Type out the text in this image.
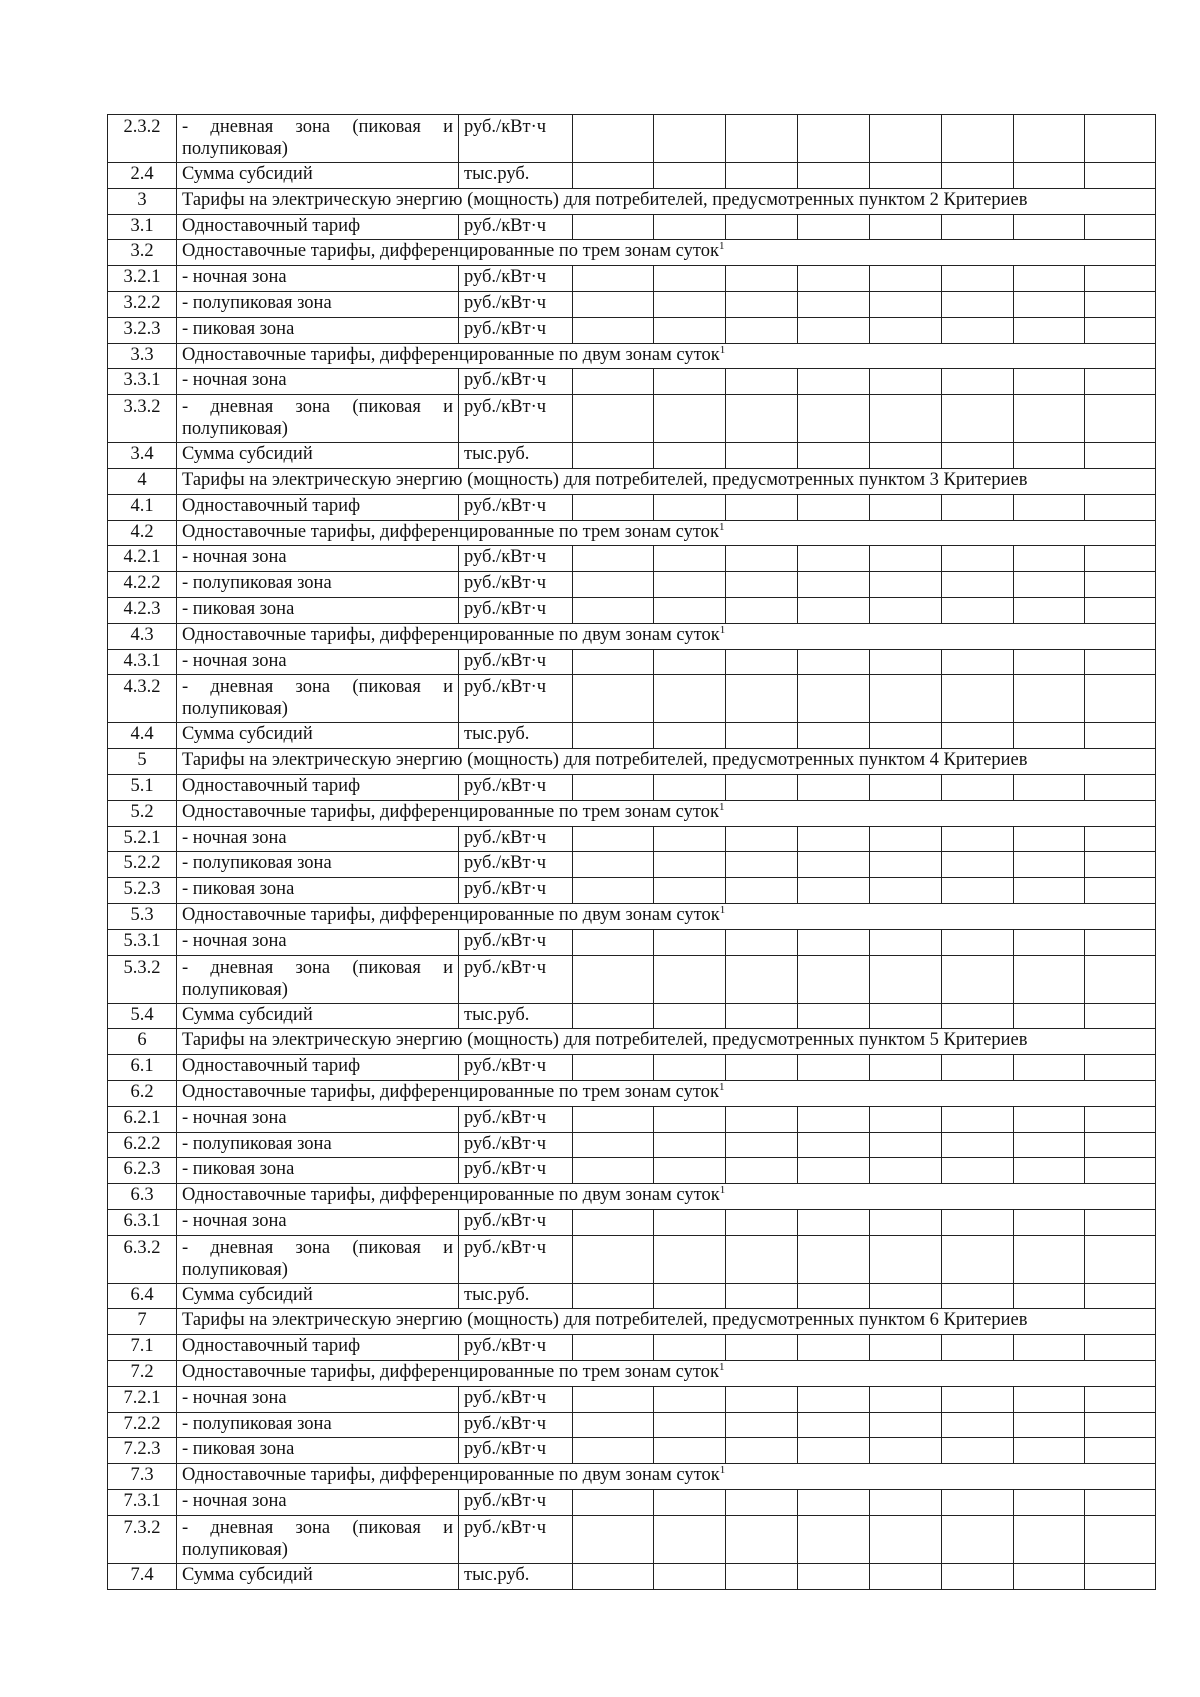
2.3.2	- дневная зона (пиковая и полупиковая)	руб./кВт·ч								
2.4	Сумма субсидий	тыс.руб.								
3	Тарифы на электрическую энергию (мощность) для потребителей, предусмотренных пунктом 2 Критериев									
3.1	Одноставочный тариф	руб./кВт·ч								
3.2	Одноставочные тарифы, дифференцированные по трем зонам суток$^1$
3.2.1	- ночная зона	руб./кВт·ч								
3.2.2	- полупиковая зона	руб./кВт·ч								
3.2.3	- пиковая зона	руб./кВт·ч								
3.3	Одноставочные тарифы, дифференцированные по двум зонам суток$^1$
3.3.1	- ночная зона	руб./кВт·ч								
3.3.2	- дневная зона (пиковая и полупиковая)	руб./кВт·ч								
3.4	Сумма субсидий	тыс.руб.								
4	Тарифы на электрическую энергию (мощность) для потребителей, предусмотренных пунктом 3 Критериев									
4.1	Одноставочный тариф	руб./кВт·ч								
4.2	Одноставочные тарифы, дифференцированные по трем зонам суток$^1$
4.2.1	- ночная зона	руб./кВт·ч								
4.2.2	- полупиковая зона	руб./кВт·ч								
4.2.3	- пиковая зона	руб./кВт·ч								
4.3	Одноставочные тарифы, дифференцированные по двум зонам суток$^1$
4.3.1	- ночная зона	руб./кВт·ч								
4.3.2	- дневная зона (пиковая и полупиковая)	руб./кВт·ч								
4.4	Сумма субсидий	тыс.руб.								
5	Тарифы на электрическую энергию (мощность) для потребителей, предусмотренных пунктом 4 Критериев									
5.1	Одноставочный тариф	руб./кВт·ч								
5.2	Одноставочные тарифы, дифференцированные по трем зонам суток$^1$
5.2.1	- ночная зона	руб./кВт·ч								
5.2.2	- полупиковая зона	руб./кВт·ч								
5.2.3	- пиковая зона	руб./кВт·ч								
5.3	Одноставочные тарифы, дифференцированные по двум зонам суток$^1$
5.3.1	- ночная зона	руб./кВт·ч								
5.3.2	- дневная зона (пиковая и полупиковая)	руб./кВт·ч								
5.4	Сумма субсидий	тыс.руб.								
6	Тарифы на электрическую энергию (мощность) для потребителей, предусмотренных пунктом 5 Критериев									
6.1	Одноставочный тариф	руб./кВт·ч								
6.2	Одноставочные тарифы, дифференцированные по трем зонам суток$^1$
6.2.1	- ночная зона	руб./кВт·ч								
6.2.2	- полупиковая зона	руб./кВт·ч								
6.2.3	- пиковая зона	руб./кВт·ч								
6.3	Одноставочные тарифы, дифференцированные по двум зонам суток$^1$
6.3.1	- ночная зона	руб./кВт·ч								
6.3.2	- дневная зона (пиковая и полупиковая)	руб./кВт·ч								
6.4	Сумма субсидий	тыс.руб.								
7	Тарифы на электрическую энергию (мощность) для потребителей, предусмотренных пунктом 6 Критериев									
7.1	Одноставочный тариф	руб./кВт·ч								
7.2	Одноставочные тарифы, дифференцированные по трем зонам суток$^1$
7.2.1	- ночная зона	руб./кВт·ч								
7.2.2	- полупиковая зона	руб./кВт·ч								
7.2.3	- пиковая зона	руб./кВт·ч								
7.3	Одноставочные тарифы, дифференцированные по двум зонам суток$^1$
7.3.1	- ночная зона	руб./кВт·ч								
7.3.2	- дневная зона (пиковая и полупиковая)	руб./кВт·ч								
7.4	Сумма субсидий	тыс.руб.								
